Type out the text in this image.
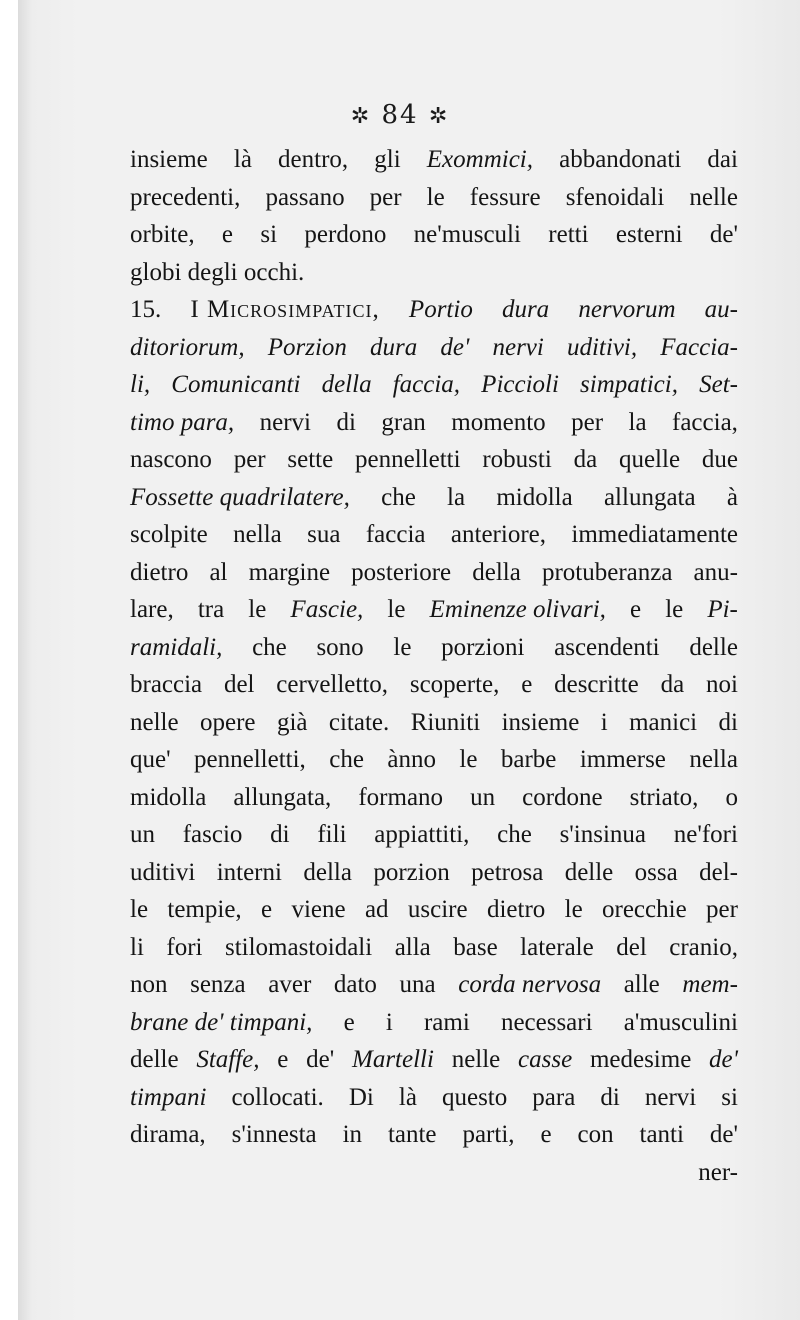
✲ 84 ✲
insieme là dentro, gli Exommici, abbandonati dai
precedenti, passano per le fessure sfenoidali nelle
orbite, e si perdono ne'musculi retti esterni de'
globi degli occhi.
15. I Microsimpatici, Portio dura nervorum au-
ditoriorum, Porzion dura de' nervi uditivi, Faccia-
li, Comunicanti della faccia, Piccioli simpatici, Set-
timo para, nervi di gran momento per la faccia,
nascono per sette pennelletti robusti da quelle due
Fossette quadrilatere, che la midolla allungata à
scolpite nella sua faccia anteriore, immediatamente
dietro al margine posteriore della protuberanza anu-
lare, tra le Fascie, le Eminenze olivari, e le Pi-
ramidali, che sono le porzioni ascendenti delle
braccia del cervelletto, scoperte, e descritte da noi
nelle opere già citate. Riuniti insieme i manici di
que' pennelletti, che ànno le barbe immerse nella
midolla allungata, formano un cordone striato, o
un fascio di fili appiattiti, che s'insinua ne'fori
uditivi interni della porzion petrosa delle ossa del-
le tempie, e viene ad uscire dietro le orecchie per
li fori stilomastoidali alla base laterale del cranio,
non senza aver dato una corda nervosa alle mem-
brane de' timpani, e i rami necessari a'musculini
delle Staffe, e de' Martelli nelle casse medesime de'
timpani collocati. Di là questo para di nervi si
dirama, s'innesta in tante parti, e con tanti de'
ner-
